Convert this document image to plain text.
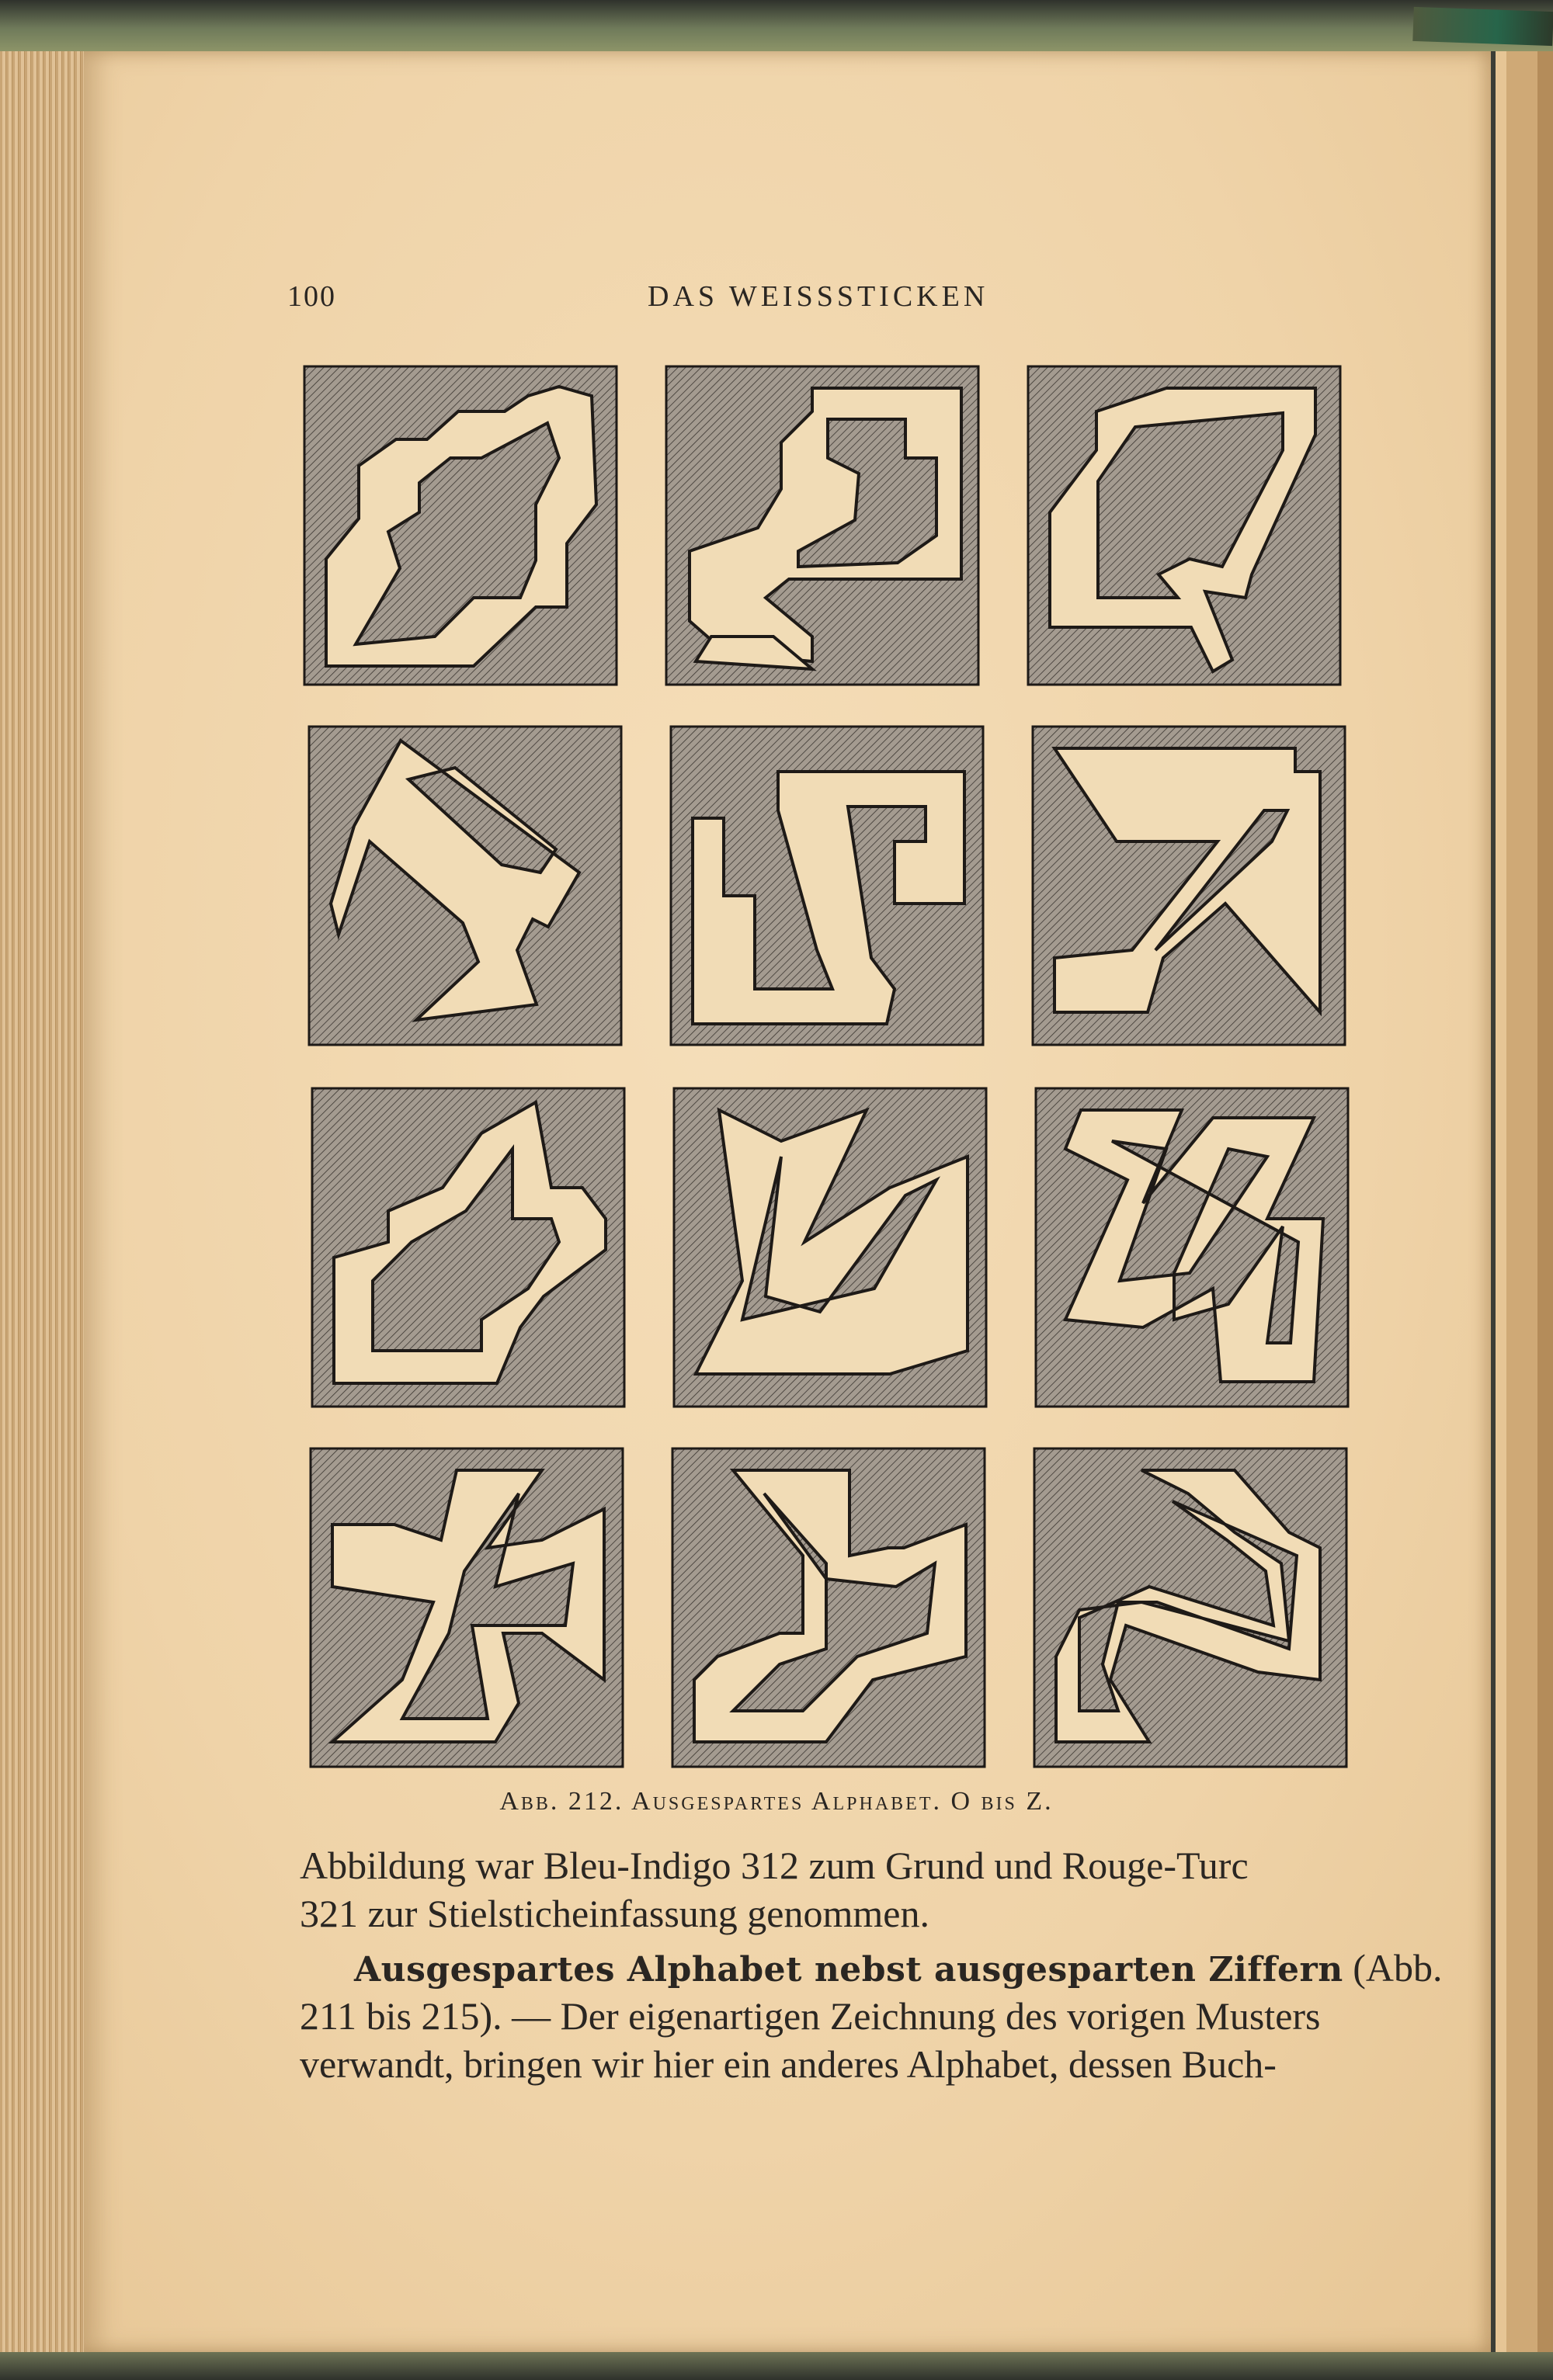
100	DAS WEISSSTICKEN
Abb. 212. Ausgespartes Alphabet. O bis Z.
Abbildung war Bleu-Indigo 312 zum Grund und Rouge-Turc
321 zur Stielsticheinfassung genommen.
Ausgespartes Alphabet nebst ausgesparten Ziffern (Abb.
211 bis 215). — Der eigenartigen Zeichnung des vorigen Musters
verwandt, bringen wir hier ein anderes Alphabet, dessen Buch-
